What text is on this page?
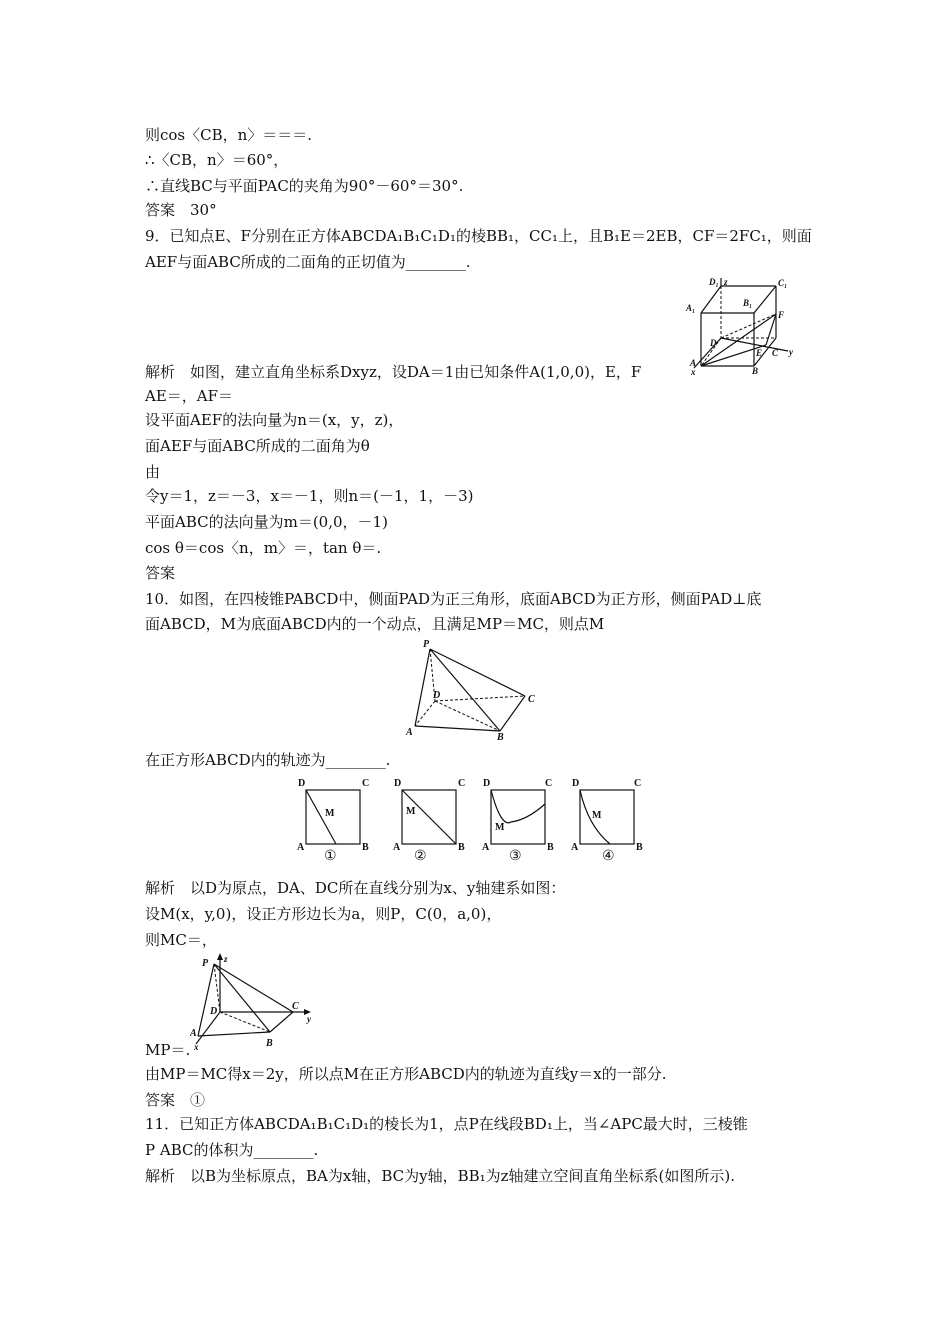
则cos〈CB，n〉＝＝＝.
∴〈CB，n〉＝60°，
∴直线BC与平面PAC的夹角为90°－60°＝30°.
答案　30°
9．已知点E、F分别在正方体ABCDA₁B₁C₁D₁的棱BB₁，CC₁上，且B₁E＝2EB，CF＝2FC₁，则面
AEF与面ABC所成的二面角的正切值为________.
解析　如图，建立直角坐标系Dxyz，设DA＝1由已知条件A(1,0,0)，E，F
AE＝，AF＝
设平面AEF的法向量为n＝(x，y，z)，
面AEF与面ABC所成的二面角为θ
由
令y＝1，z＝－3，x＝－1，则n＝(－1，1，－3)
平面ABC的法向量为m＝(0,0，－1)
cos θ＝cos〈n，m〉＝，tan θ＝.
答案
10．如图，在四棱锥PABCD中，侧面PAD为正三角形，底面ABCD为正方形，侧面PAD⊥底
面ABCD，M为底面ABCD内的一个动点，且满足MP＝MC，则点M
在正方形ABCD内的轨迹为________.
解析　以D为原点，DA、DC所在直线分别为x、y轴建系如图：
设M(x，y,0)，设正方形边长为a，则P，C(0，a,0)，
则MC＝，
MP＝.
由MP＝MC得x＝2y，所以点M在正方形ABCD内的轨迹为直线y＝x的一部分.
答案　①
11．已知正方体ABCDA₁B₁C₁D₁的棱长为1，点P在线段BD₁上，当∠APC最大时，三棱锥
P ABC的体积为________.
解析　以B为坐标原点，BA为x轴，BC为y轴，BB₁为z轴建立空间直角坐标系(如图所示).
D₁ z	C₁
A₁	B₁
F
D
E C y
A
x	B
P
D	C
A	B
D	C
M
A	B
①
D	C
M
A	B
②
D	C
M
A	B
③
D	C
M
A	B
④
P z
D	C
y
A
x	B
